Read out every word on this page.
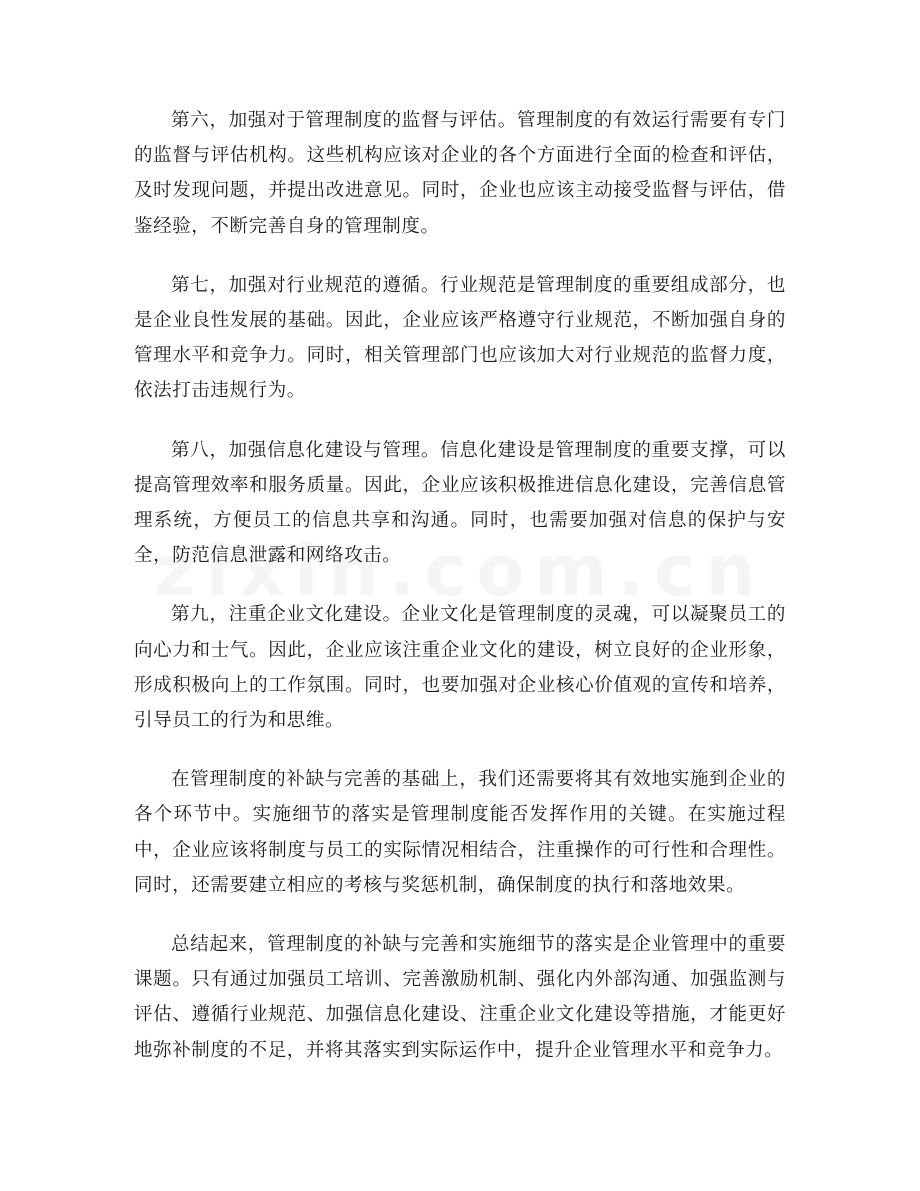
第六，加强对于管理制度的监督与评估。管理制度的有效运行需要有专门的监督与评估机构。这些机构应该对企业的各个方面进行全面的检查和评估，及时发现问题，并提出改进意见。同时，企业也应该主动接受监督与评估，借鉴经验，不断完善自身的管理制度。

第七，加强对行业规范的遵循。行业规范是管理制度的重要组成部分，也是企业良性发展的基础。因此，企业应该严格遵守行业规范，不断加强自身的管理水平和竞争力。同时，相关管理部门也应该加大对行业规范的监督力度，依法打击违规行为。

第八，加强信息化建设与管理。信息化建设是管理制度的重要支撑，可以提高管理效率和服务质量。因此，企业应该积极推进信息化建设，完善信息管理系统，方便员工的信息共享和沟通。同时，也需要加强对信息的保护与安全，防范信息泄露和网络攻击。

第九，注重企业文化建设。企业文化是管理制度的灵魂，可以凝聚员工的向心力和士气。因此，企业应该注重企业文化的建设，树立良好的企业形象，形成积极向上的工作氛围。同时，也要加强对企业核心价值观的宣传和培养，引导员工的行为和思维。

在管理制度的补缺与完善的基础上，我们还需要将其有效地实施到企业的各个环节中。实施细节的落实是管理制度能否发挥作用的关键。在实施过程中，企业应该将制度与员工的实际情况相结合，注重操作的可行性和合理性。同时，还需要建立相应的考核与奖惩机制，确保制度的执行和落地效果。

总结起来，管理制度的补缺与完善和实施细节的落实是企业管理中的重要课题。只有通过加强员工培训、完善激励机制、强化内外部沟通、加强监测与评估、遵循行业规范、加强信息化建设、注重企业文化建设等措施，才能更好地弥补制度的不足，并将其落实到实际运作中，提升企业管理水平和竞争力。
